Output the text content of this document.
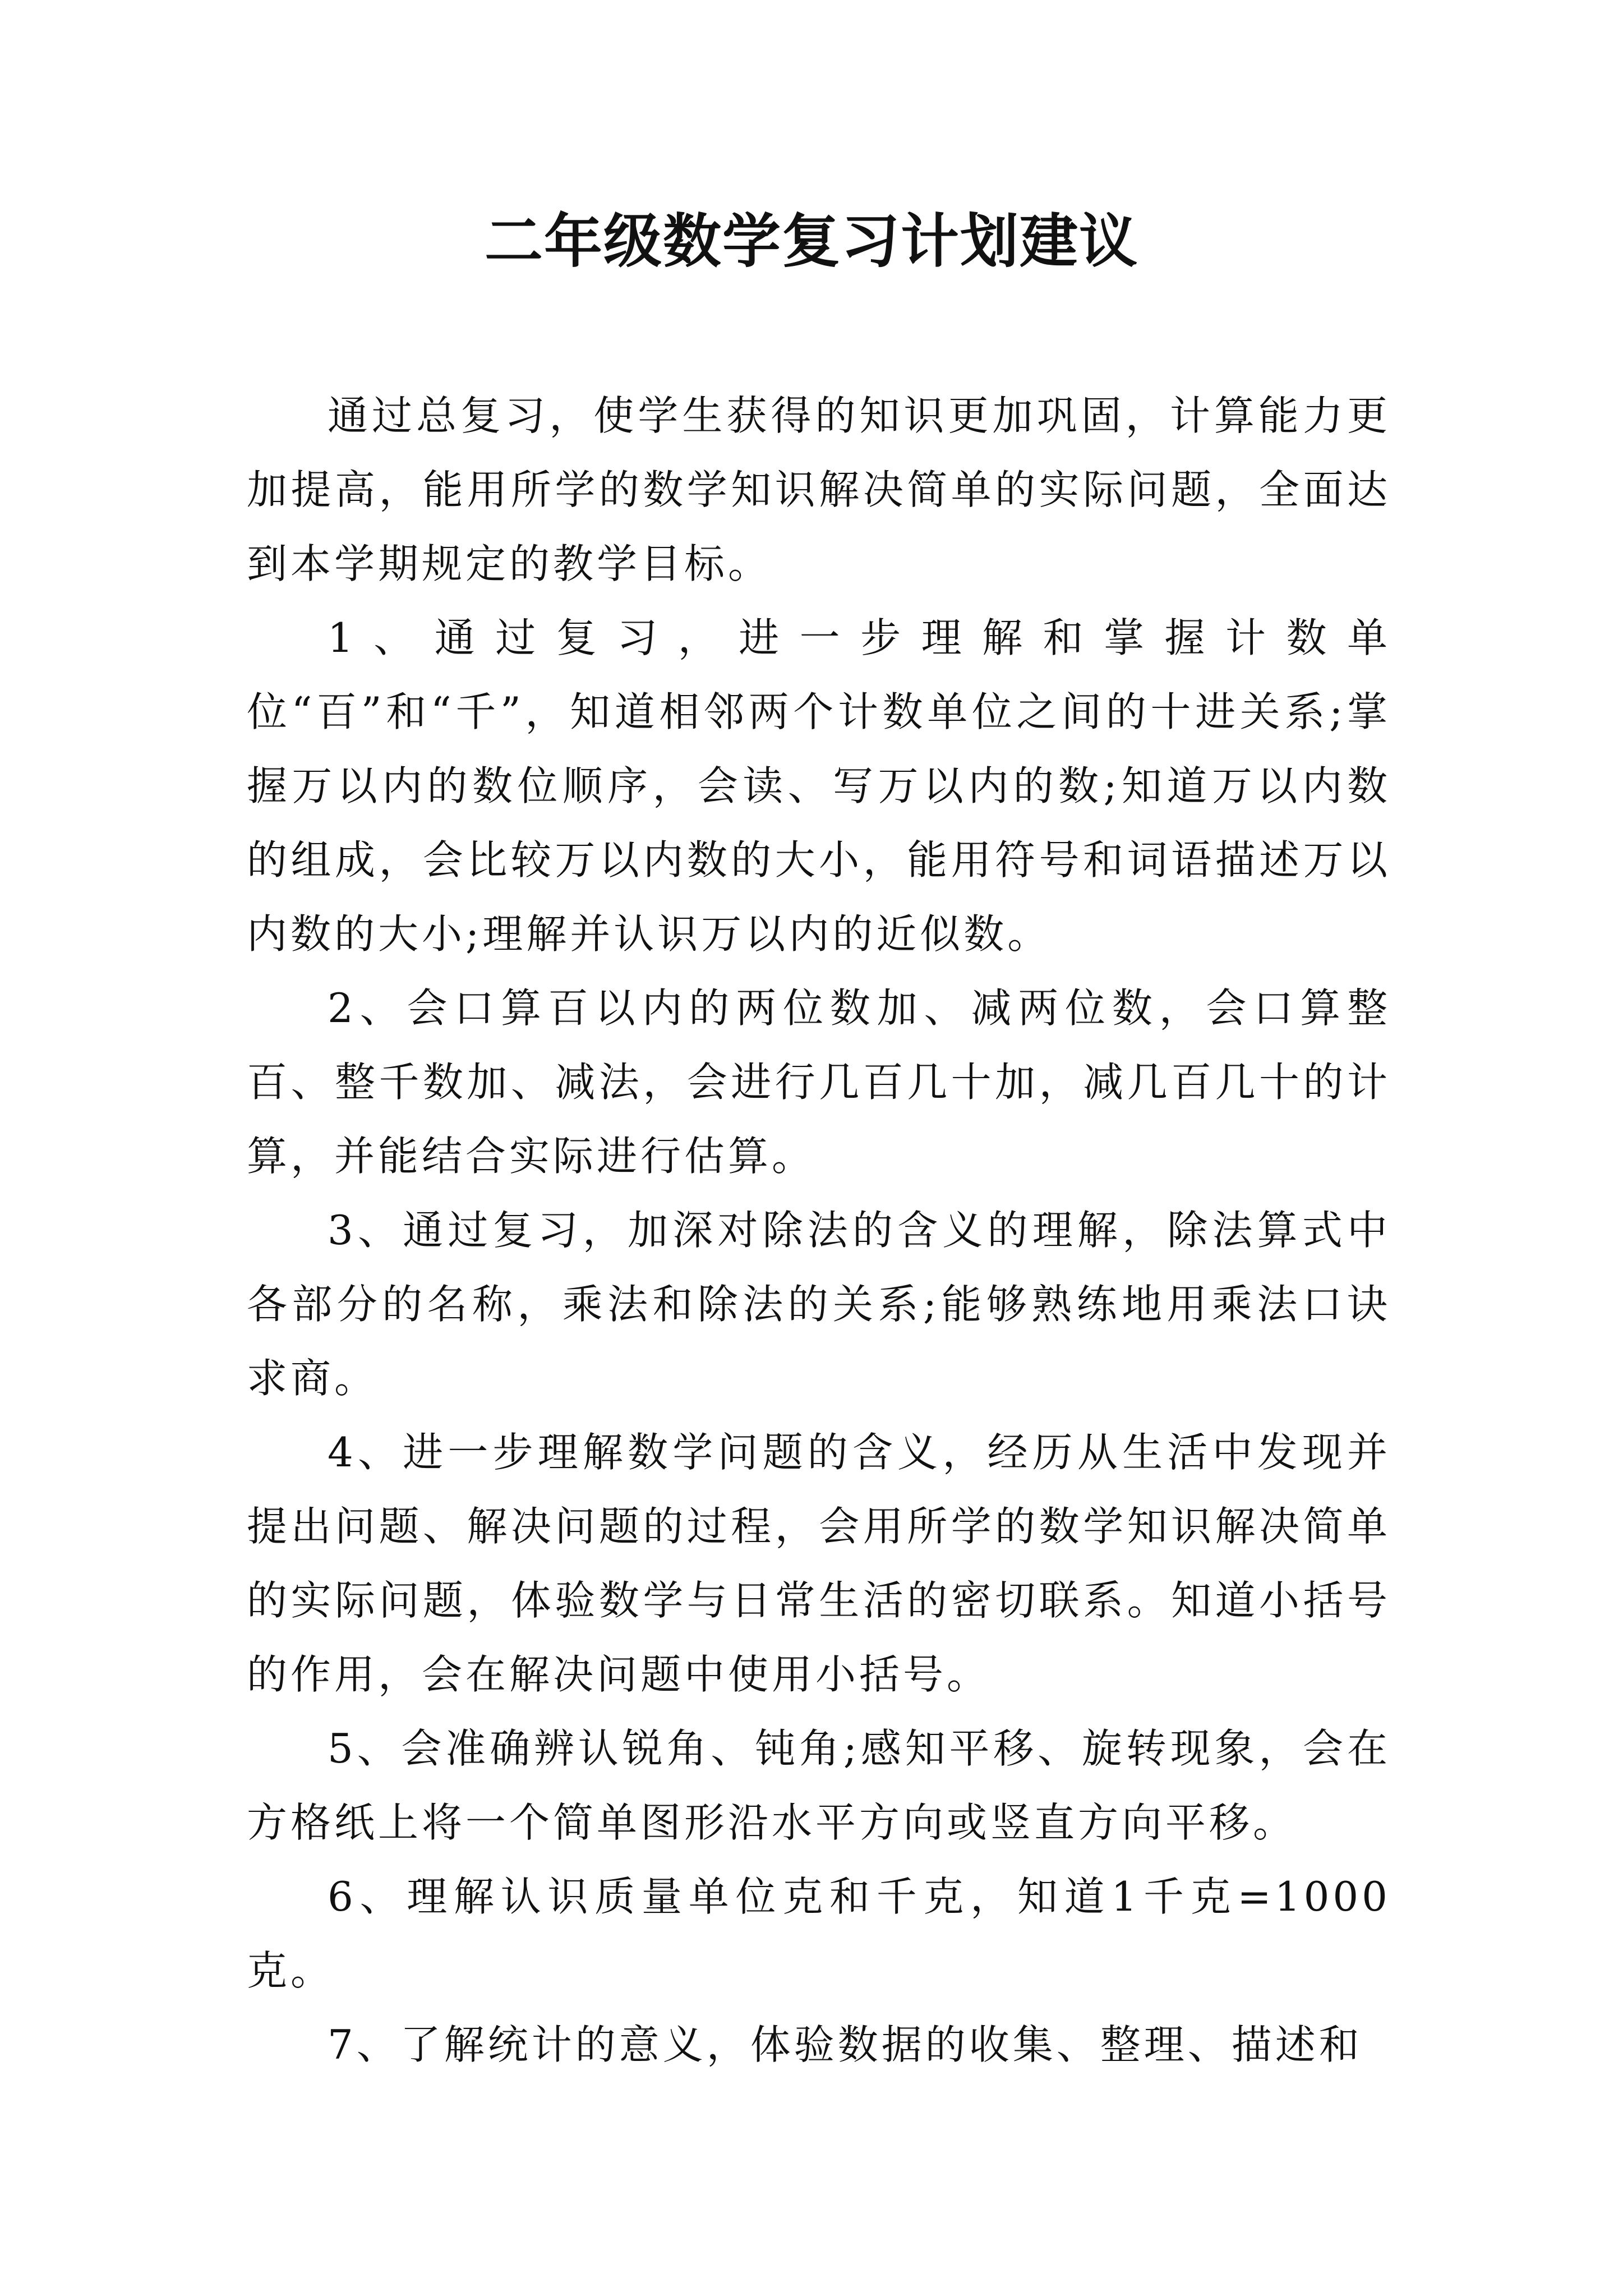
二年级数学复习计划建议

通过总复习，使学生获得的知识更加巩固，计算能力更加提高，能用所学的数学知识解决简单的实际问题，全面达到本学期规定的教学目标。

1、通过复习，进一步理解和掌握计数单位“百”和“千”，知道相邻两个计数单位之间的十进关系;掌握万以内的数位顺序，会读、写万以内的数;知道万以内数的组成，会比较万以内数的大小，能用符号和词语描述万以内数的大小;理解并认识万以内的近似数。

2、会口算百以内的两位数加、减两位数，会口算整百、整千数加、减法，会进行几百几十加，减几百几十的计算，并能结合实际进行估算。

3、通过复习，加深对除法的含义的理解，除法算式中各部分的名称，乘法和除法的关系;能够熟练地用乘法口诀求商。

4、进一步理解数学问题的含义，经历从生活中发现并提出问题、解决问题的过程，会用所学的数学知识解决简单的实际问题，体验数学与日常生活的密切联系。知道小括号的作用，会在解决问题中使用小括号。

5、会准确辨认锐角、钝角;感知平移、旋转现象，会在方格纸上将一个简单图形沿水平方向或竖直方向平移。

6、理解认识质量单位克和千克，知道1千克=1000克。

7、了解统计的意义，体验数据的收集、整理、描述和
